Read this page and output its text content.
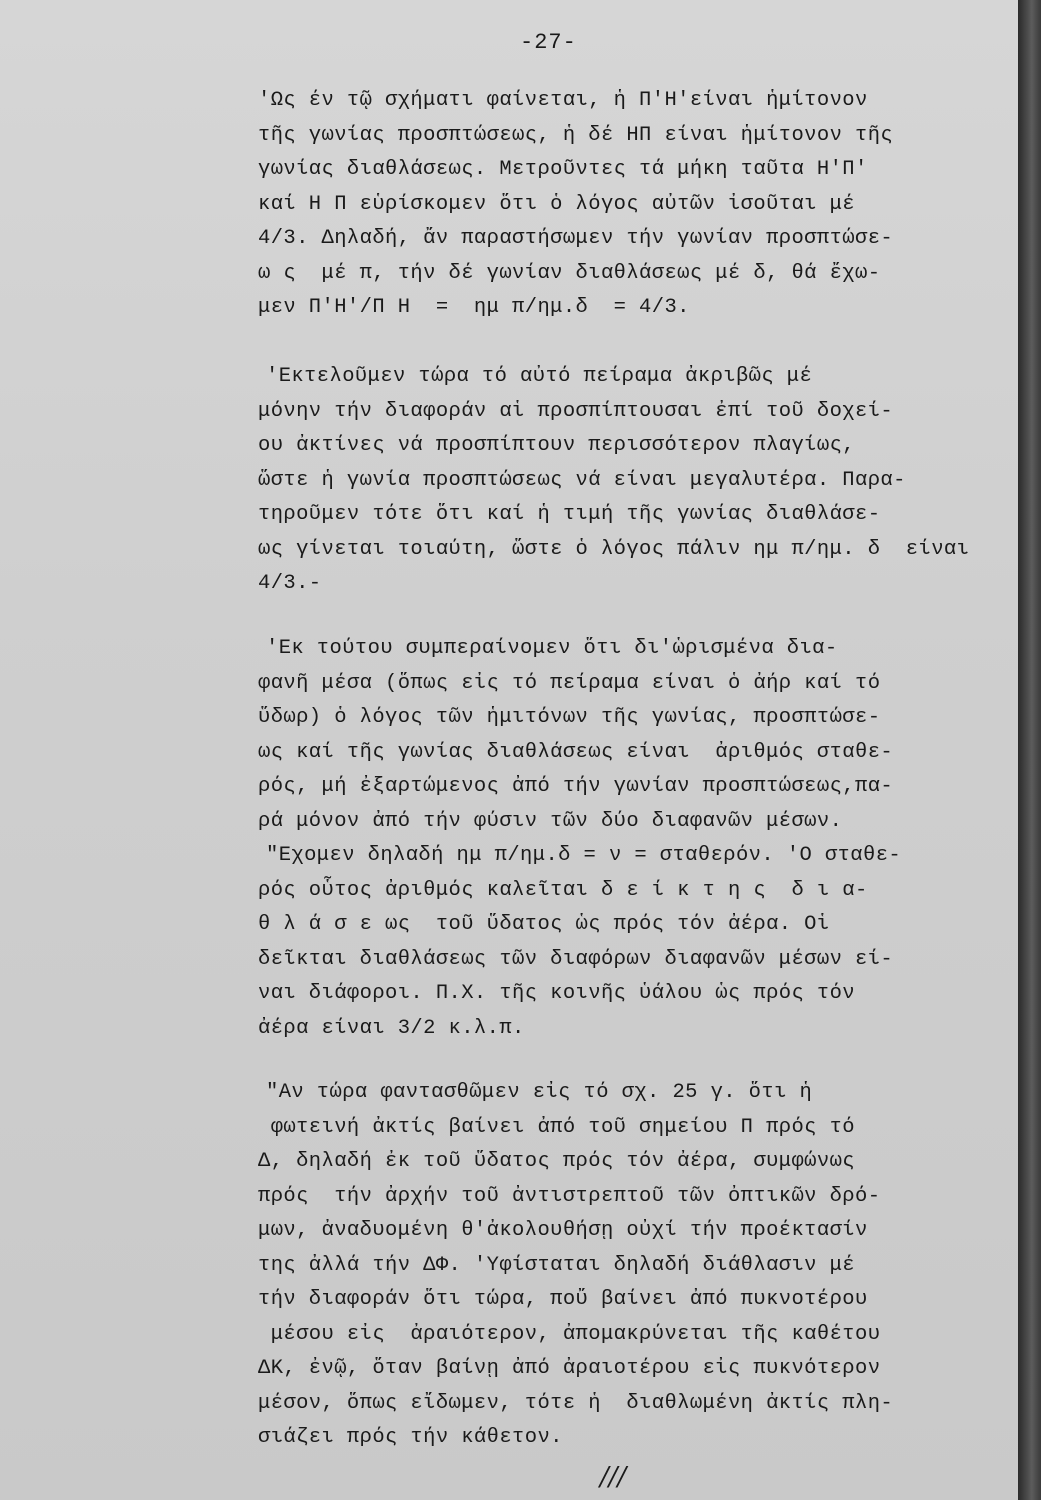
-27-
'Ως έν τῷ σχήματι φαίνεται, ἡ Π'Η'είναι ἡμίτονον
τῆς γωνίας προσπτώσεως, ἡ δέ ΗΠ είναι ἡμίτονον τῆς
γωνίας διαθλάσεως. Μετροῦντες τά μήκη ταῦτα Η'Π'
καί Η Π εὑρίσκομεν ὅτι ὁ λόγος αὐτῶν ἰσοῦται μέ
4/3. Δηλαδή, ἄν παραστήσωμεν τήν γωνίαν προσπτώσε-
ω ς  μέ π, τήν δέ γωνίαν διαθλάσεως μέ δ, θά ἔχω-
μεν Π'Η'/Π Η  =  ημ π/ημ.δ  = 4/3.
'Εκτελοῦμεν τώρα τό αὐτό πείραμα ἀκριβῶς μέ
μόνην τήν διαφοράν αἱ προσπίπτουσαι ἐπί τοῦ δοχεί-
ου ἀκτίνες νά προσπίπτουν περισσότερον πλαγίως,
ὥστε ἡ γωνία προσπτώσεως νά είναι μεγαλυτέρα. Παρα-
τηροῦμεν τότε ὅτι καί ἡ τιμή τῆς γωνίας διαθλάσε-
ως γίνεται τοιαύτη, ὥστε ὁ λόγος πάλιν ημ π/ημ. δ  είναι
4/3.-
'Εκ τούτου συμπεραίνομεν ὅτι δι'ὡρισμένα δια-
φανῆ μέσα (ὅπως εἰς τό πείραμα είναι ὁ ἀήρ καί τό
ὕδωρ) ὁ λόγος τῶν ἡμιτόνων τῆς γωνίας, προσπτώσε-
ως καί τῆς γωνίας διαθλάσεως είναι  ἀριθμός σταθε-
ρός, μή ἐξαρτώμενος ἀπό τήν γωνίαν προσπτώσεως,πα-
ρά μόνον ἀπό τήν φύσιν τῶν δύο διαφανῶν μέσων.
"Εχομεν δηλαδή ημ π/ημ.δ = ν = σταθερόν. 'Ο σταθε-
ρός οὗτος ἀριθμός καλεῖται δ ε ί κ τ η ς  δ ι α-
θ λ ά σ ε ως  τοῦ ὕδατος ὡς πρός τόν ἀέρα. Οἱ
δεῖκται διαθλάσεως τῶν διαφόρων διαφανῶν μέσων εί-
ναι διάφοροι. Π.Χ. τῆς κοινῆς ὑάλου ὡς πρός τόν
ἀέρα είναι 3/2 κ.λ.π.
"Αν τώρα φαντασθῶμεν εἰς τό σχ. 25 γ. ὅτι ἡ
φωτεινή ἀκτίς βαίνει ἀπό τοῦ σημείου Π πρός τό
Δ, δηλαδή ἐκ τοῦ ὕδατος πρός τόν ἀέρα, συμφώνως
πρός  τήν ἀρχήν τοῦ ἀντιστρεπτοῦ τῶν ὀπτικῶν δρό-
μων, ἀναδυομένη θ'ἀκολουθήσῃ οὐχί τήν προέκτασίν
της ἀλλά τήν ΔΦ. 'Υφίσταται δηλαδή διάθλασιν μέ
τήν διαφοράν ὅτι τώρα, ποὔ βαίνει ἀπό πυκνοτέρου
μέσου εἰς  ἀραιότερον, ἀπομακρύνεται τῆς καθέτου
ΔΚ, ἐνῷ, ὅταν βαίνῃ ἀπό ἀραιοτέρου εἰς πυκνότερον
μέσον, ὅπως εἴδωμεν, τότε ἡ  διαθλωμένη ἀκτίς πλη-
σιάζει πρός τήν κάθετον.
///
